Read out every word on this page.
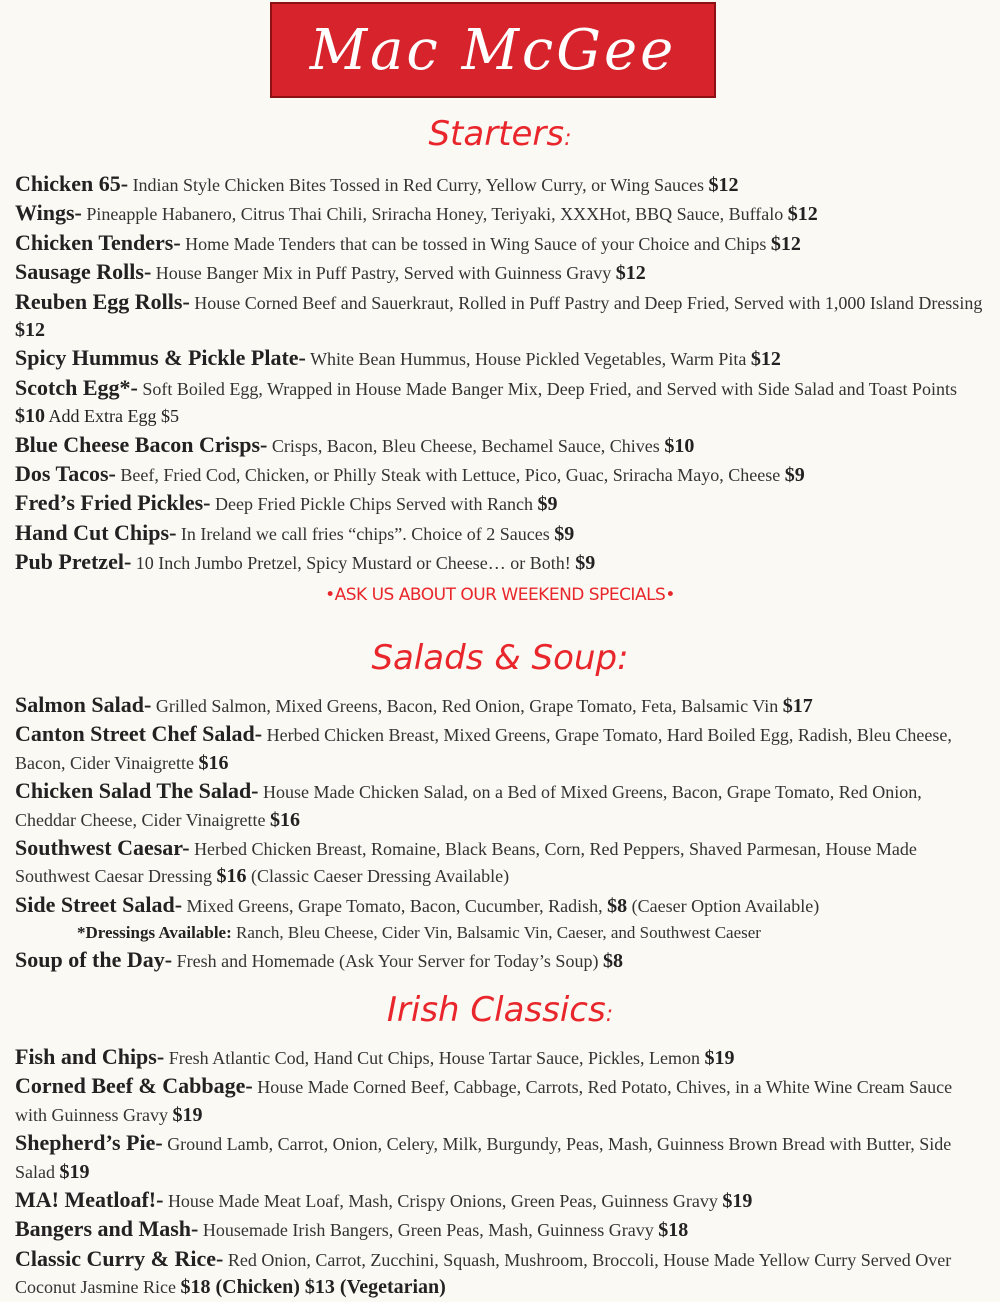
Mac McGee
Starters:
Chicken 65- Indian Style Chicken Bites Tossed in Red Curry, Yellow Curry, or Wing Sauces $12
Wings- Pineapple Habanero, Citrus Thai Chili, Sriracha Honey, Teriyaki, XXXHot, BBQ Sauce, Buffalo $12
Chicken Tenders- Home Made Tenders that can be tossed in Wing Sauce of your Choice and Chips $12
Sausage Rolls- House Banger Mix in Puff Pastry, Served with Guinness Gravy $12
Reuben Egg Rolls- House Corned Beef and Sauerkraut, Rolled in Puff Pastry and Deep Fried, Served with 1,000 Island Dressing $12
Spicy Hummus & Pickle Plate- White Bean Hummus, House Pickled Vegetables, Warm Pita $12
Scotch Egg*- Soft Boiled Egg, Wrapped in House Made Banger Mix, Deep Fried, and Served with Side Salad and Toast Points $10 Add Extra Egg $5
Blue Cheese Bacon Crisps- Crisps, Bacon, Bleu Cheese, Bechamel Sauce, Chives $10
Dos Tacos- Beef, Fried Cod, Chicken, or Philly Steak with Lettuce, Pico, Guac, Sriracha Mayo, Cheese $9
Fred’s Fried Pickles- Deep Fried Pickle Chips Served with Ranch $9
Hand Cut Chips- In Ireland we call fries “chips”. Choice of 2 Sauces $9
Pub Pretzel- 10 Inch Jumbo Pretzel, Spicy Mustard or Cheese… or Both! $9
•ASK US ABOUT OUR WEEKEND SPECIALS•
Salads & Soup:
Salmon Salad- Grilled Salmon, Mixed Greens, Bacon, Red Onion, Grape Tomato, Feta, Balsamic Vin $17
Canton Street Chef Salad- Herbed Chicken Breast, Mixed Greens, Grape Tomato, Hard Boiled Egg, Radish, Bleu Cheese, Bacon, Cider Vinaigrette $16
Chicken Salad The Salad- House Made Chicken Salad, on a Bed of Mixed Greens, Bacon, Grape Tomato, Red Onion, Cheddar Cheese, Cider Vinaigrette $16
Southwest Caesar- Herbed Chicken Breast, Romaine, Black Beans, Corn, Red Peppers, Shaved Parmesan, House Made Southwest Caesar Dressing $16 (Classic Caeser Dressing Available)
Side Street Salad- Mixed Greens, Grape Tomato, Bacon, Cucumber, Radish, $8 (Caeser Option Available)
*Dressings Available: Ranch, Bleu Cheese, Cider Vin, Balsamic Vin, Caeser, and Southwest Caeser
Soup of the Day- Fresh and Homemade (Ask Your Server for Today’s Soup) $8
Irish Classics:
Fish and Chips- Fresh Atlantic Cod, Hand Cut Chips, House Tartar Sauce, Pickles, Lemon $19
Corned Beef & Cabbage- House Made Corned Beef, Cabbage, Carrots, Red Potato, Chives, in a White Wine Cream Sauce with Guinness Gravy $19
Shepherd’s Pie- Ground Lamb, Carrot, Onion, Celery, Milk, Burgundy, Peas, Mash, Guinness Brown Bread with Butter, Side Salad $19
MA! Meatloaf!- House Made Meat Loaf, Mash, Crispy Onions, Green Peas, Guinness Gravy $19
Bangers and Mash- Housemade Irish Bangers, Green Peas, Mash, Guinness Gravy $18
Classic Curry & Rice- Red Onion, Carrot, Zucchini, Squash, Mushroom, Broccoli, House Made Yellow Curry Served Over Coconut Jasmine Rice $18 (Chicken) $13 (Vegetarian)
